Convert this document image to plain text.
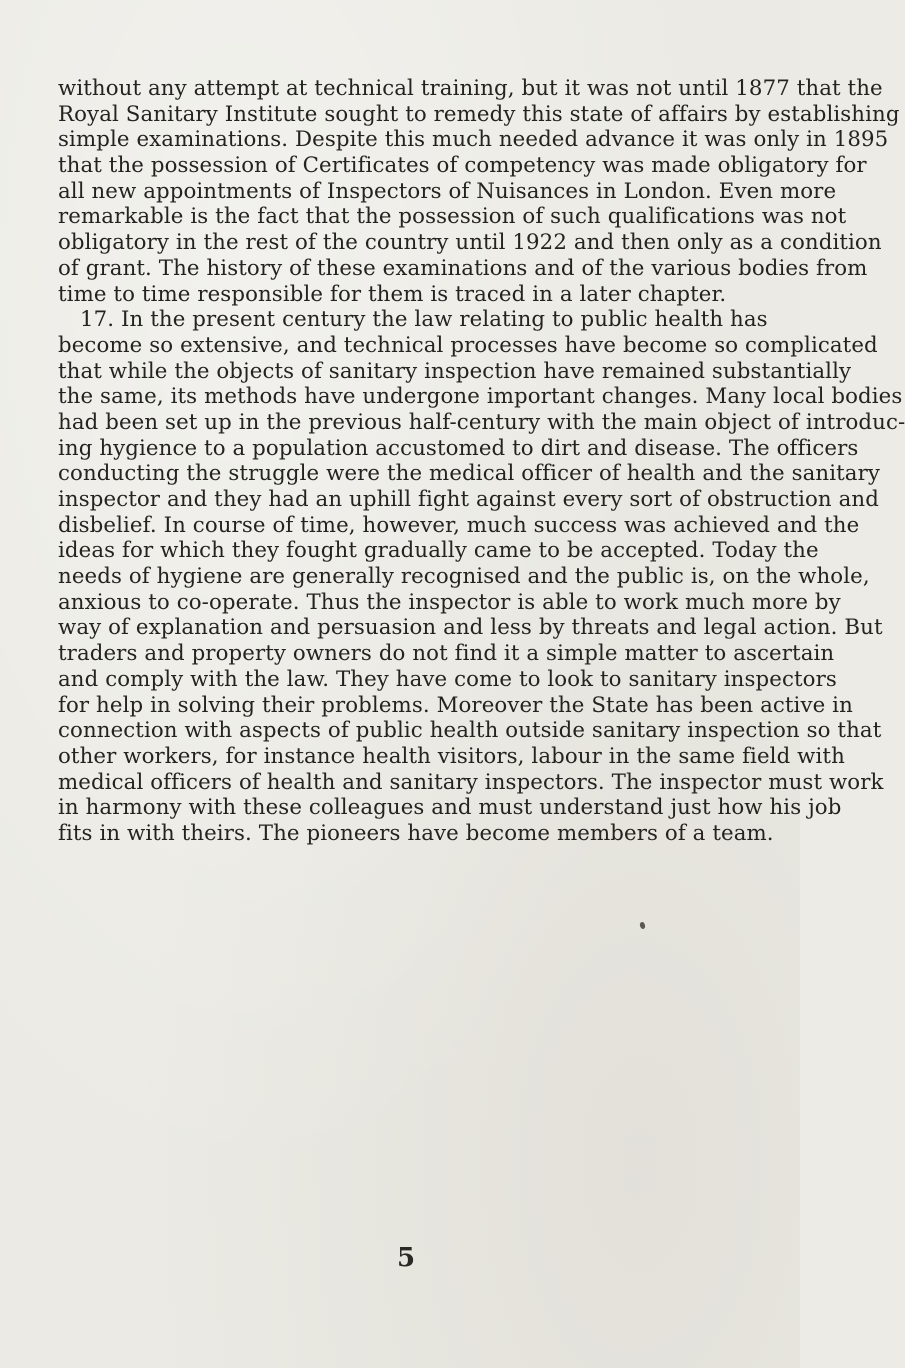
without any attempt at technical training, but it was not until 1877 that the
Royal Sanitary Institute sought to remedy this state of affairs by establishing
simple examinations. Despite this much needed advance it was only in 1895
that the possession of Certificates of competency was made obligatory for
all new appointments of Inspectors of Nuisances in London. Even more
remarkable is the fact that the possession of such qualifications was not
obligatory in the rest of the country until 1922 and then only as a condition
of grant. The history of these examinations and of the various bodies from
time to time responsible for them is traced in a later chapter.
17. In the present century the law relating to public health has
become so extensive, and technical processes have become so complicated
that while the objects of sanitary inspection have remained substantially
the same, its methods have undergone important changes. Many local bodies
had been set up in the previous half-century with the main object of introduc-
ing hygience to a population accustomed to dirt and disease. The officers
conducting the struggle were the medical officer of health and the sanitary
inspector and they had an uphill fight against every sort of obstruction and
disbelief. In course of time, however, much success was achieved and the
ideas for which they fought gradually came to be accepted. Today the
needs of hygiene are generally recognised and the public is, on the whole,
anxious to co-operate. Thus the inspector is able to work much more by
way of explanation and persuasion and less by threats and legal action. But
traders and property owners do not find it a simple matter to ascertain
and comply with the law. They have come to look to sanitary inspectors
for help in solving their problems. Moreover the State has been active in
connection with aspects of public health outside sanitary inspection so that
other workers, for instance health visitors, labour in the same field with
medical officers of health and sanitary inspectors. The inspector must work
in harmony with these colleagues and must understand just how his job
fits in with theirs. The pioneers have become members of a team.
5
